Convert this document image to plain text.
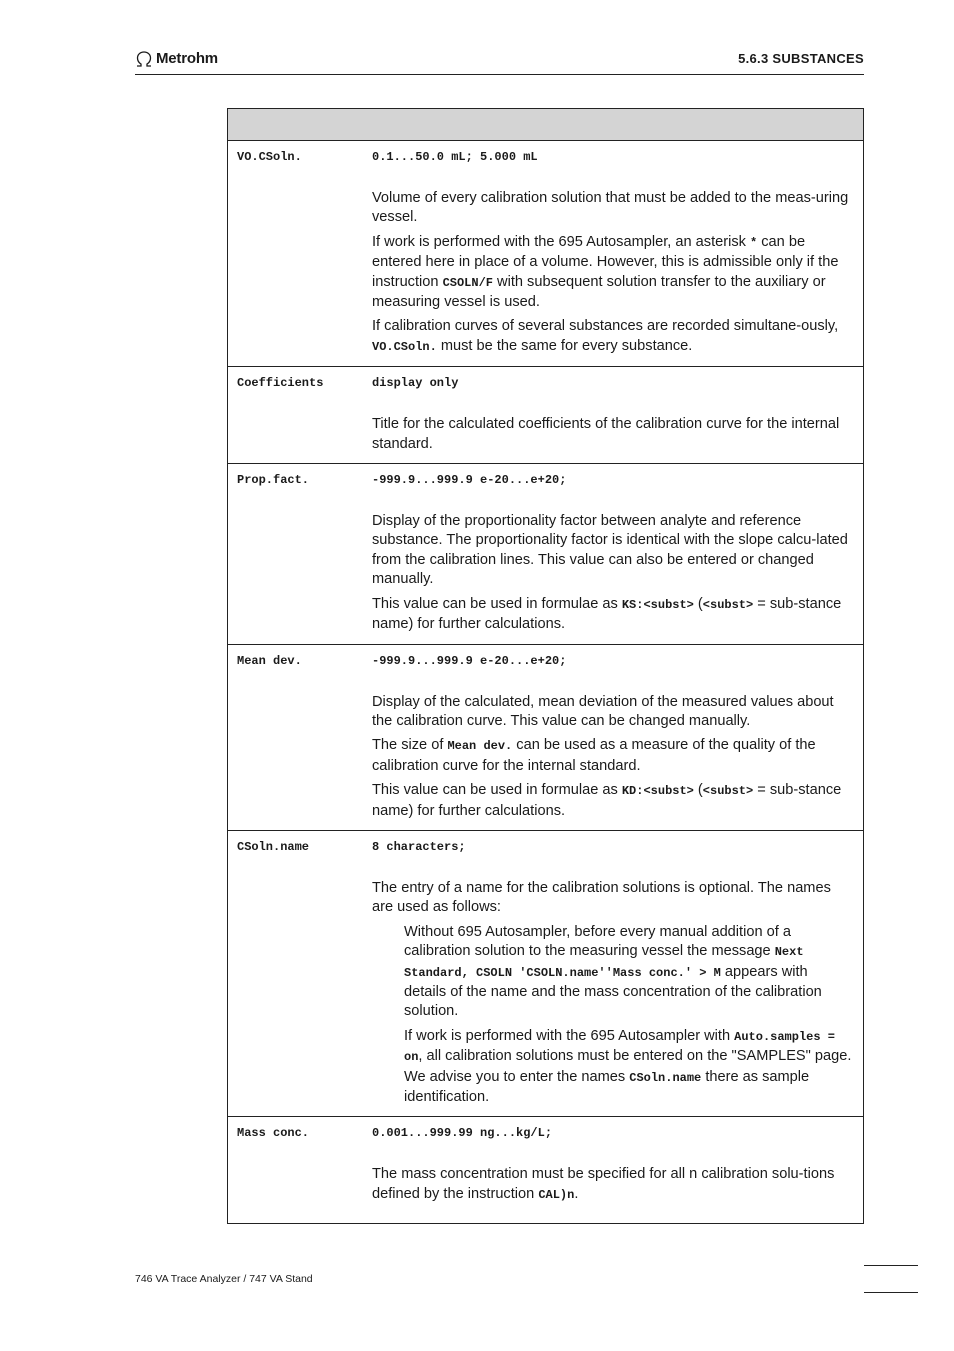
Metrohm	5.6.3 SUBSTANCES
VO.CSoln.	0.1...50.0 mL; 5.000 mL

Volume of every calibration solution that must be added to the meas-uring vessel.

If work is performed with the 695 Autosampler, an asterisk * can be entered here in place of a volume. However, this is admissible only if the instruction CSOLN/F with subsequent solution transfer to the auxiliary or measuring vessel is used.

If calibration curves of several substances are recorded simultane-ously, VO.CSoln. must be the same for every substance.

Coefficients	display only

Title for the calculated coefficients of the calibration curve for the internal standard.

Prop.fact.	-999.9...999.9 e-20...e+20;

Display of the proportionality factor between analyte and reference substance. The proportionality factor is identical with the slope calcu-lated from the calibration lines. This value can also be entered or changed manually.

This value can be used in formulae as KS:<subst> (<subst> = sub-stance name) for further calculations.

Mean dev.	-999.9...999.9 e-20...e+20;

Display of the calculated, mean deviation of the measured values about the calibration curve. This value can be changed manually.

The size of Mean dev. can be used as a measure of the quality of the calibration curve for the internal standard.

This value can be used in formulae as KD:<subst> (<subst> = sub-stance name) for further calculations.

CSoln.name	8 characters;

The entry of a name for the calibration solutions is optional. The names are used as follows:

Without 695 Autosampler, before every manual addition of a calibration solution to the measuring vessel the message Next Standard, CSOLN 'CSOLN.name''Mass conc.' > M appears with details of the name and the mass concentration of the calibration solution.

If work is performed with the 695 Autosampler with Auto.samples = on, all calibration solutions must be entered on the "SAMPLES" page. We advise you to enter the names CSoln.name there as sample identification.

Mass conc.	0.001...999.99 ng...kg/L;

The mass concentration must be specified for all n calibration solu-tions defined by the instruction CAL)n.

746 VA Trace Analyzer / 747 VA Stand
